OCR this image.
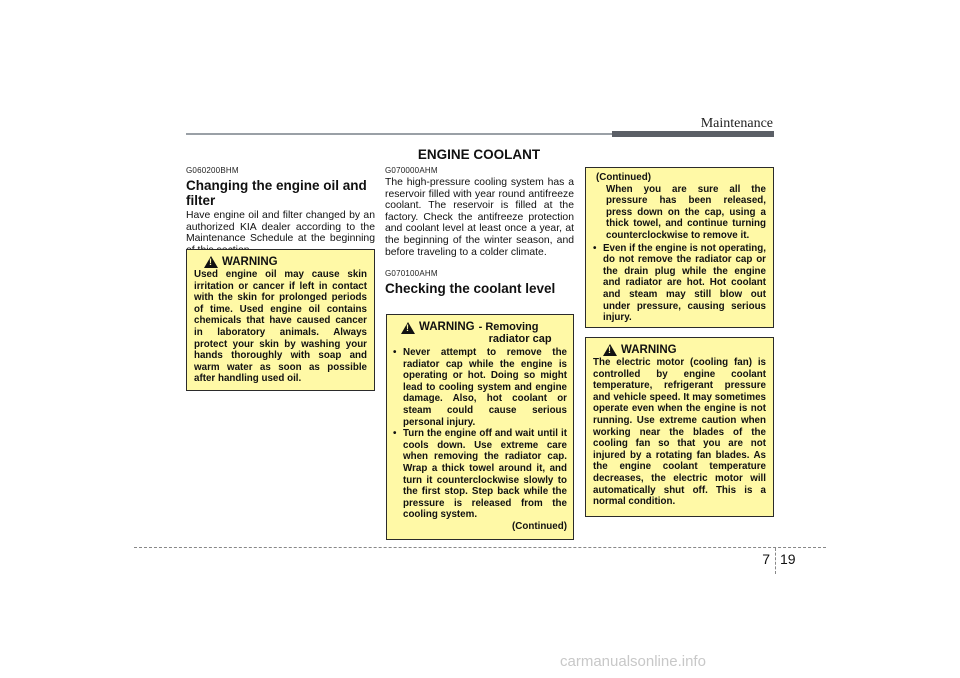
Maintenance
ENGINE COOLANT
G060200BHM
Changing the engine oil and filter
Have engine oil and filter changed by an authorized KIA dealer according to the Maintenance Schedule at the beginning
!
WARNING
Used engine oil may cause skin irritation or cancer if left in contact with the skin for prolonged periods of time. Used engine oil contains chemicals that have caused cancer in laboratory animals. Always protect your skin by washing your hands thoroughly with soap and warm water as soon as possible after handling used oil.
G070000AHM
The high-pressure cooling system has a reservoir filled with year round antifreeze coolant. The reservoir is filled at the factory. Check the antifreeze protection and coolant level at least once a year, at the beginning of the winter season, and before traveling to a colder climate.
G070100AHM
Checking the coolant level
!
WARNING - Removing
radiator cap
• Never attempt to remove the radiator cap while the engine is operating or hot. Doing so might lead to cooling system and engine damage. Also, hot coolant or steam could cause serious personal injury.
• Turn the engine off and wait until it cools down. Use extreme care when removing the radiator cap. Wrap a thick towel around it, and turn it counterclockwise slowly to the first stop. Step back while the pressure is released from the cooling system.
(Continued)
(Continued)
When you are sure all the pressure has been released, press down on the cap, using a thick towel, and continue turning counterclockwise to remove it.
• Even if the engine is not operating, do not remove the radiator cap or the drain plug while the engine and radiator are hot. Hot coolant and steam may still blow out under pressure, causing serious injury.
!
WARNING
The electric motor (cooling fan) is controlled by engine coolant temperature, refrigerant pressure and vehicle speed. It may sometimes operate even when the engine is not running. Use extreme caution when working near the blades of the cooling fan so that you are not injured by a rotating fan blades. As the engine coolant temperature decreases, the electric motor will automatically shut off. This is a normal condition.
7 19
carmanualsonline.info
